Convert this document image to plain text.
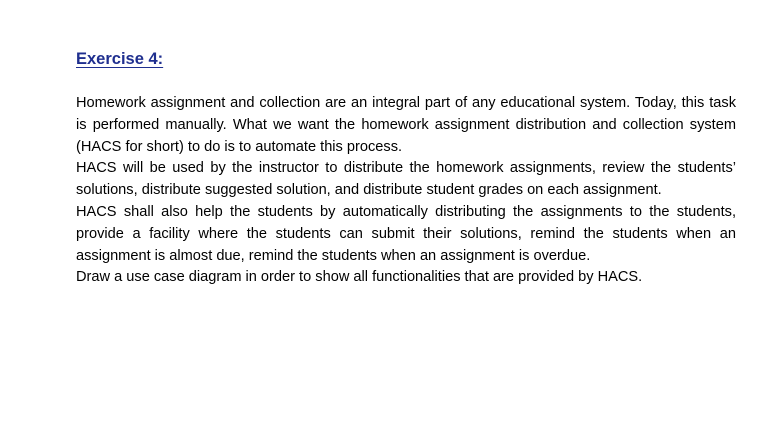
Exercise 4:

Homework assignment and collection are an integral part of any educational system. Today, this task is performed manually. What we want the homework assignment distribution and collection system (HACS for short) to do is to automate this process.

HACS will be used by the instructor to distribute the homework assignments, review the students’ solutions, distribute suggested solution, and distribute student grades on each assignment.

HACS shall also help the students by automatically distributing the assignments to the students, provide a facility where the students can submit their solutions, remind the students when an assignment is almost due, remind the students when an assignment is overdue.

Draw a use case diagram in order to show all functionalities that are provided by HACS.
